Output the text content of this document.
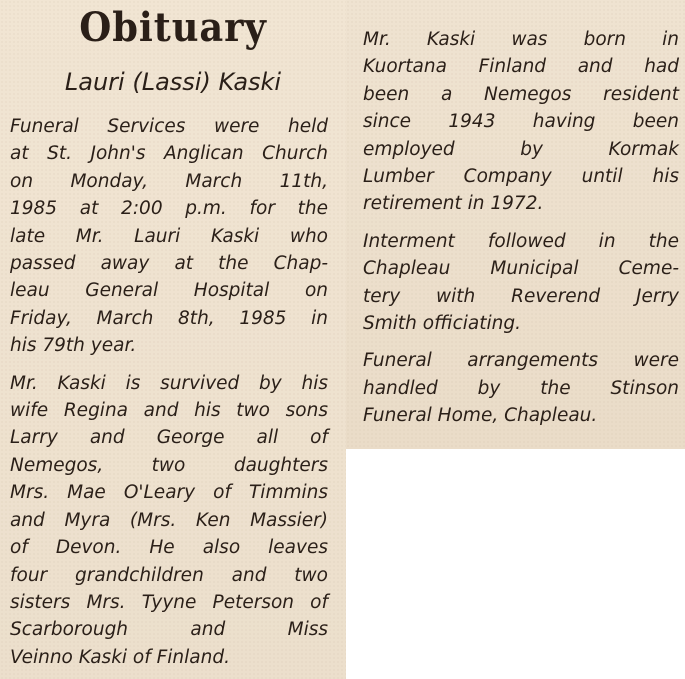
Obituary
Lauri (Lassi) Kaski

Funeral Services were held
at St. John's Anglican Church
on Monday, March 11th,
1985 at 2:00 p.m. for the
late Mr. Lauri Kaski who
passed away at the Chap-
leau General Hospital on
Friday, March 8th, 1985 in
his 79th year.

Mr. Kaski is survived by his
wife Regina and his two sons
Larry and George all of
Nemegos, two daughters
Mrs. Mae O'Leary of Timmins
and Myra (Mrs. Ken Massier)
of Devon. He also leaves
four grandchildren and two
sisters Mrs. Tyyne Peterson of
Scarborough and Miss
Veinno Kaski of Finland.

Mr. Kaski was born in
Kuortana Finland and had
been a Nemegos resident
since 1943 having been
employed by Kormak
Lumber Company until his
retirement in 1972.

Interment followed in the
Chapleau Municipal Ceme-
tery with Reverend Jerry
Smith officiating.

Funeral arrangements were
handled by the Stinson
Funeral Home, Chapleau.
